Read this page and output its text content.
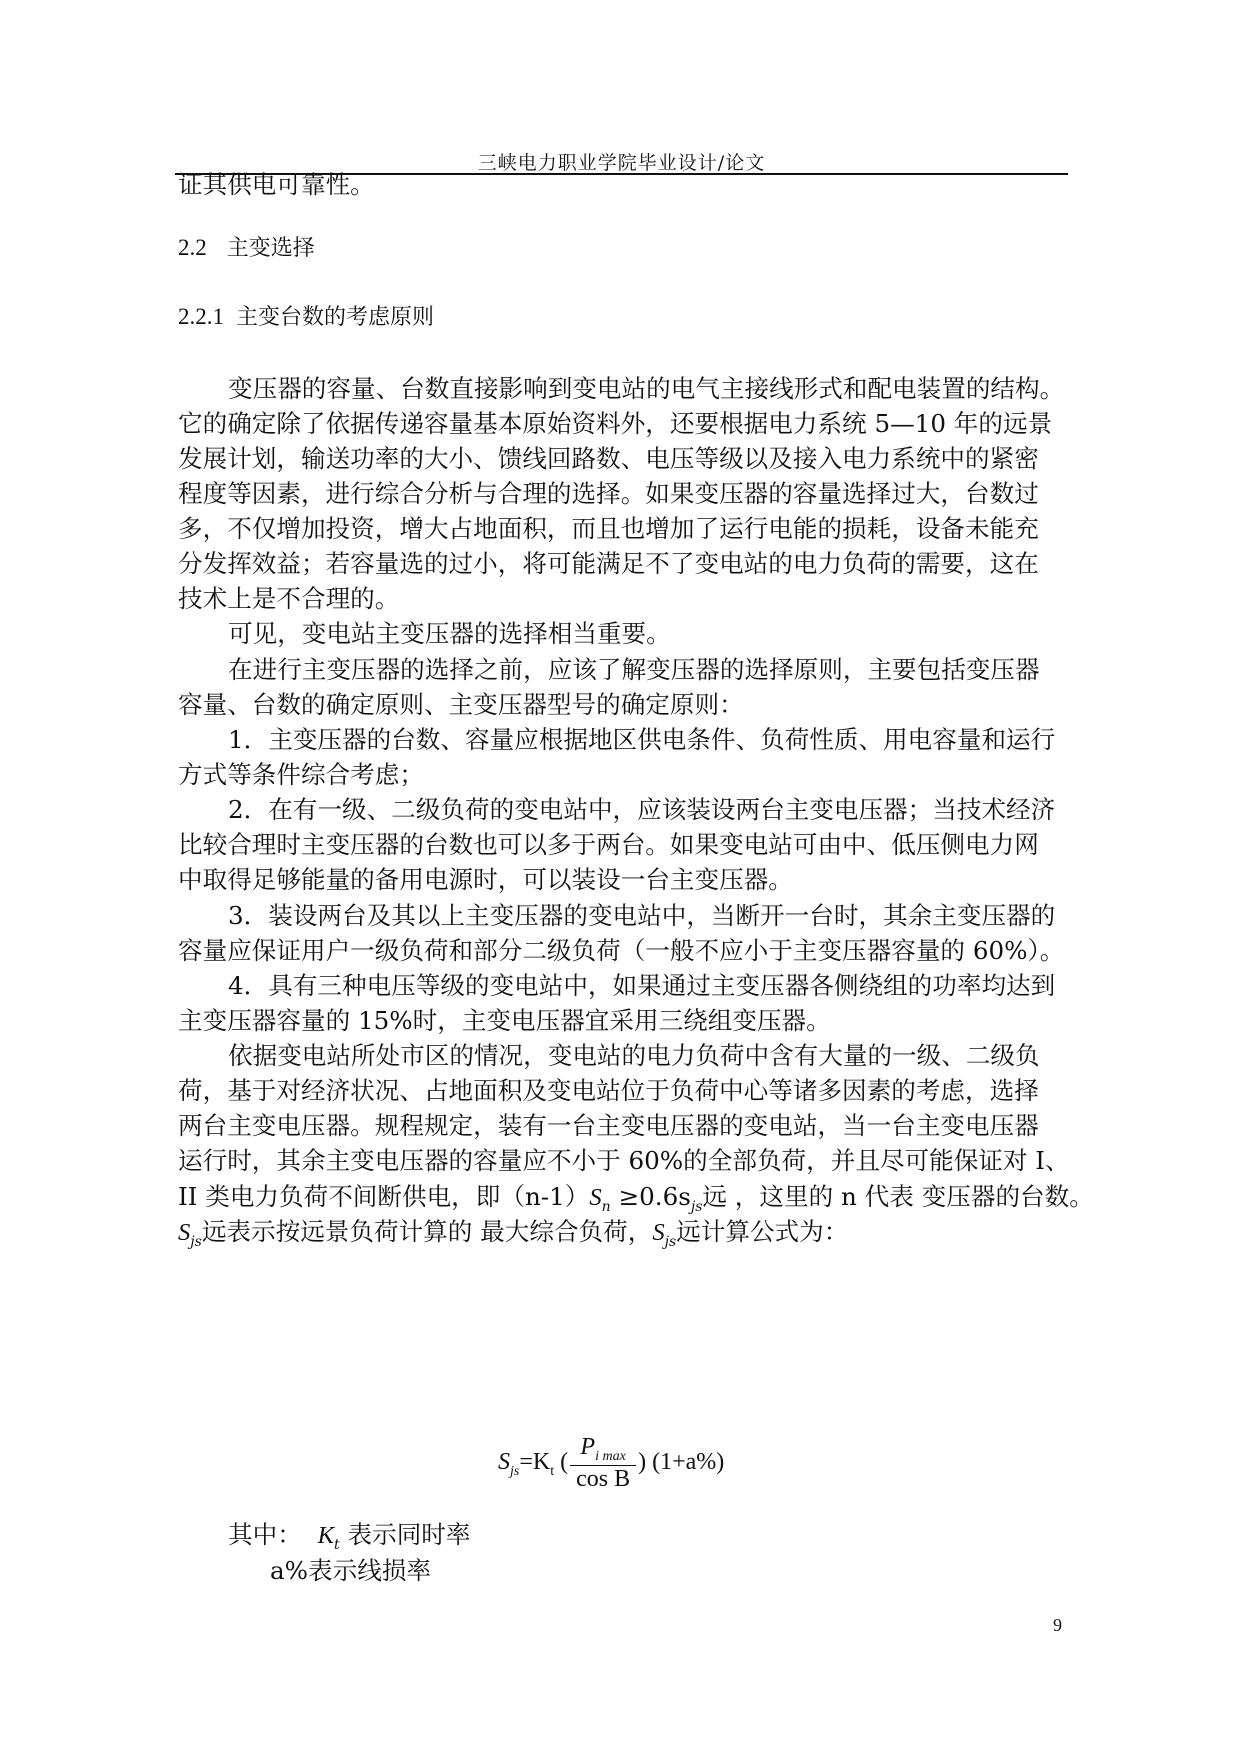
三峡电力职业学院毕业设计/论文
证其供电可靠性。
2.2 主变选择
2.2.1 主变台数的考虑原则
变压器的容量、台数直接影响到变电站的电气主接线形式和配电装置的结构。
它的确定除了依据传递容量基本原始资料外，还要根据电力系统 5—10 年的远景
发展计划，输送功率的大小、馈线回路数、电压等级以及接入电力系统中的紧密
程度等因素，进行综合分析与合理的选择。如果变压器的容量选择过大，台数过
多，不仅增加投资，增大占地面积，而且也增加了运行电能的损耗，设备未能充
分发挥效益；若容量选的过小，将可能满足不了变电站的电力负荷的需要，这在
技术上是不合理的。
可见，变电站主变压器的选择相当重要。
在进行主变压器的选择之前，应该了解变压器的选择原则，主要包括变压器
容量、台数的确定原则、主变压器型号的确定原则：
1．主变压器的台数、容量应根据地区供电条件、负荷性质、用电容量和运行
方式等条件综合考虑；
2．在有一级、二级负荷的变电站中，应该装设两台主变电压器；当技术经济
比较合理时主变压器的台数也可以多于两台。如果变电站可由中、低压侧电力网
中取得足够能量的备用电源时，可以装设一台主变压器。
3．装设两台及其以上主变压器的变电站中，当断开一台时，其余主变压器的
容量应保证用户一级负荷和部分二级负荷（一般不应小于主变压器容量的 60%）。
4．具有三种电压等级的变电站中，如果通过主变压器各侧绕组的功率均达到
主变压器容量的 15%时，主变电压器宜采用三绕组变压器。
依据变电站所处市区的情况，变电站的电力负荷中含有大量的一级、二级负
荷，基于对经济状况、占地面积及变电站位于负荷中心等诸多因素的考虑，选择
两台主变电压器。规程规定，装有一台主变电压器的变电站，当一台主变电压器
运行时，其余主变电压器的容量应不小于 60%的全部负荷，并且尽可能保证对 I、
II 类电力负荷不间断供电，即$(n-1)S_n \ge 0.6s_{js}$远 ，这里的 n 代表 变压器的台数。
$S_{js}$远表示按远景负荷计算的 最大综合负荷，$S_{js}$远计算公式为：
$S_{js}=K_t$ ( $\frac{P_{i max}}{\text{cos B}}$ ) (1+a%)
其中： $K_t$ 表示同时率
a%表示线损率
9
